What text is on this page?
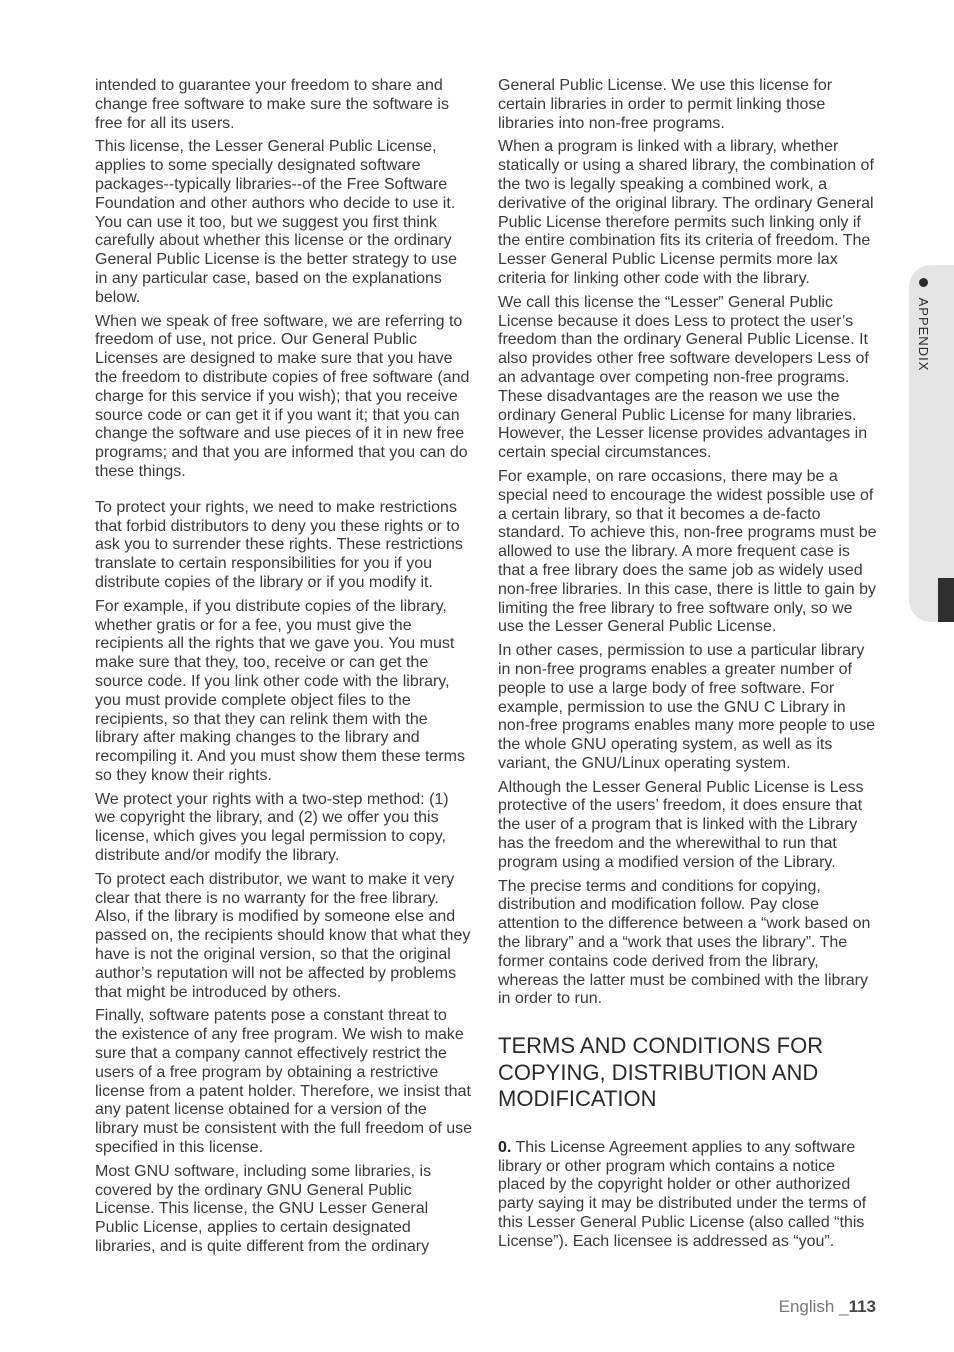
intended to guarantee your freedom to share and change free software to make sure the software is free for all its users.

This license, the Lesser General Public License, applies to some specially designated software packages--typically libraries--of the Free Software Foundation and other authors who decide to use it. You can use it too, but we suggest you first think carefully about whether this license or the ordinary General Public License is the better strategy to use in any particular case, based on the explanations below.

When we speak of free software, we are referring to freedom of use, not price. Our General Public Licenses are designed to make sure that you have the freedom to distribute copies of free software (and charge for this service if you wish); that you receive source code or can get it if you want it; that you can change the software and use pieces of it in new free programs; and that you are informed that you can do these things.

To protect your rights, we need to make restrictions that forbid distributors to deny you these rights or to ask you to surrender these rights. These restrictions translate to certain responsibilities for you if you distribute copies of the library or if you modify it.

For example, if you distribute copies of the library, whether gratis or for a fee, you must give the recipients all the rights that we gave you. You must make sure that they, too, receive or can get the source code. If you link other code with the library, you must provide complete object files to the recipients, so that they can relink them with the library after making changes to the library and recompiling it. And you must show them these terms so they know their rights.

We protect your rights with a two-step method: (1) we copyright the library, and (2) we offer you this license, which gives you legal permission to copy, distribute and/or modify the library.

To protect each distributor, we want to make it very clear that there is no warranty for the free library. Also, if the library is modified by someone else and passed on, the recipients should know that what they have is not the original version, so that the original author’s reputation will not be affected by problems that might be introduced by others.

Finally, software patents pose a constant threat to the existence of any free program. We wish to make sure that a company cannot effectively restrict the users of a free program by obtaining a restrictive license from a patent holder. Therefore, we insist that any patent license obtained for a version of the library must be consistent with the full freedom of use specified in this license.

Most GNU software, including some libraries, is covered by the ordinary GNU General Public License. This license, the GNU Lesser General Public License, applies to certain designated libraries, and is quite different from the ordinary

General Public License. We use this license for certain libraries in order to permit linking those libraries into non-free programs.

When a program is linked with a library, whether statically or using a shared library, the combination of the two is legally speaking a combined work, a derivative of the original library. The ordinary General Public License therefore permits such linking only if the entire combination fits its criteria of freedom. The Lesser General Public License permits more lax criteria for linking other code with the library.

We call this license the “Lesser” General Public License because it does Less to protect the user’s freedom than the ordinary General Public License. It also provides other free software developers Less of an advantage over competing non-free programs. These disadvantages are the reason we use the ordinary General Public License for many libraries. However, the Lesser license provides advantages in certain special circumstances.

For example, on rare occasions, there may be a special need to encourage the widest possible use of a certain library, so that it becomes a de-facto standard. To achieve this, non-free programs must be allowed to use the library. A more frequent case is that a free library does the same job as widely used non-free libraries. In this case, there is little to gain by limiting the free library to free software only, so we use the Lesser General Public License.

In other cases, permission to use a particular library in non-free programs enables a greater number of people to use a large body of free software. For example, permission to use the GNU C Library in non-free programs enables many more people to use the whole GNU operating system, as well as its variant, the GNU/Linux operating system.

Although the Lesser General Public License is Less protective of the users’ freedom, it does ensure that the user of a program that is linked with the Library has the freedom and the wherewithal to run that program using a modified version of the Library.

The precise terms and conditions for copying, distribution and modification follow. Pay close attention to the difference between a “work based on the library” and a “work that uses the library”. The former contains code derived from the library, whereas the latter must be combined with the library in order to run.

TERMS AND CONDITIONS FOR COPYING, DISTRIBUTION AND MODIFICATION

0. This License Agreement applies to any software library or other program which contains a notice placed by the copyright holder or other authorized party saying it may be distributed under the terms of this Lesser General Public License (also called “this License”). Each licensee is addressed as “you”.

APPENDIX
English _113
